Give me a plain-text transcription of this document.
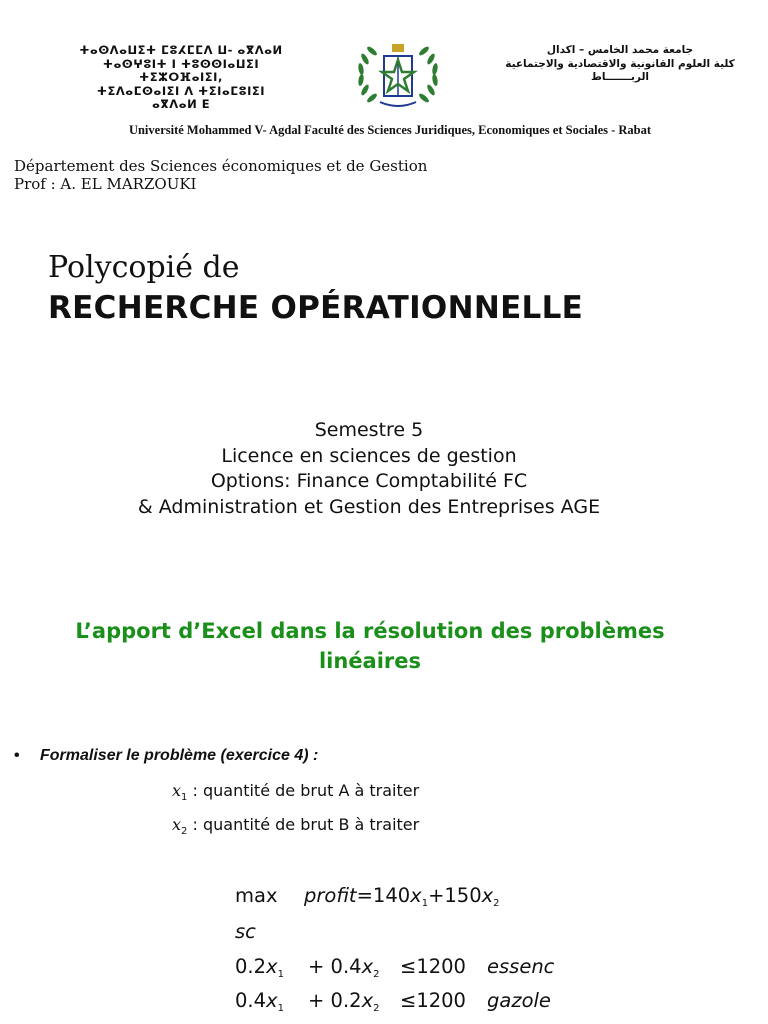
ⵜⴰⵙⴷⴰⵡⵉⵜ ⵎⵓⵃⵎⵎⴷ ⵡ- ⴰⴳⴷⴰⵍ
ⵜⴰⵙⵖⵓⵏⵜ ⵏ ⵜⵓⵙⵙⵏⴰⵡⵉⵏ
ⵜⵉⵣⵔⴼⴰⵏⵉⵏ,
ⵜⵉⴷⴰⵎⵙⴰⵏⵉⵏ ⴷ ⵜⵉⵏⴰⵎⵓⵏⵉⵏ
ⴰⴳⴷⴰⵍ E
جامعة محمد الخامس – اكدال
كلية العلوم القانونية والاقتصادية والاجتماعية
الربـــــــاط
Université Mohammed V- Agdal Faculté des Sciences Juridiques, Economiques et Sociales - Rabat
Département des Sciences économiques et de Gestion
Prof : A. EL MARZOUKI
Polycopié de
RECHERCHE OPÉRATIONNELLE
Semestre 5
Licence en sciences de gestion
Options: Finance Comptabilité FC
& Administration et Gestion des Entreprises AGE
L’apport d’Excel dans la résolution des problèmes linéaires
• Formaliser le problème (exercice 4) :
$x_1$ : quantité de brut A à traiter
$x_2$ : quantité de brut B à traiter
$\max profit=140x_1+150x_2$
sc
$0.2x_1 + 0.4x_2 \le 1200$ essenc
$0.4x_1 + 0.2x_2 \le 1200$ gazole
